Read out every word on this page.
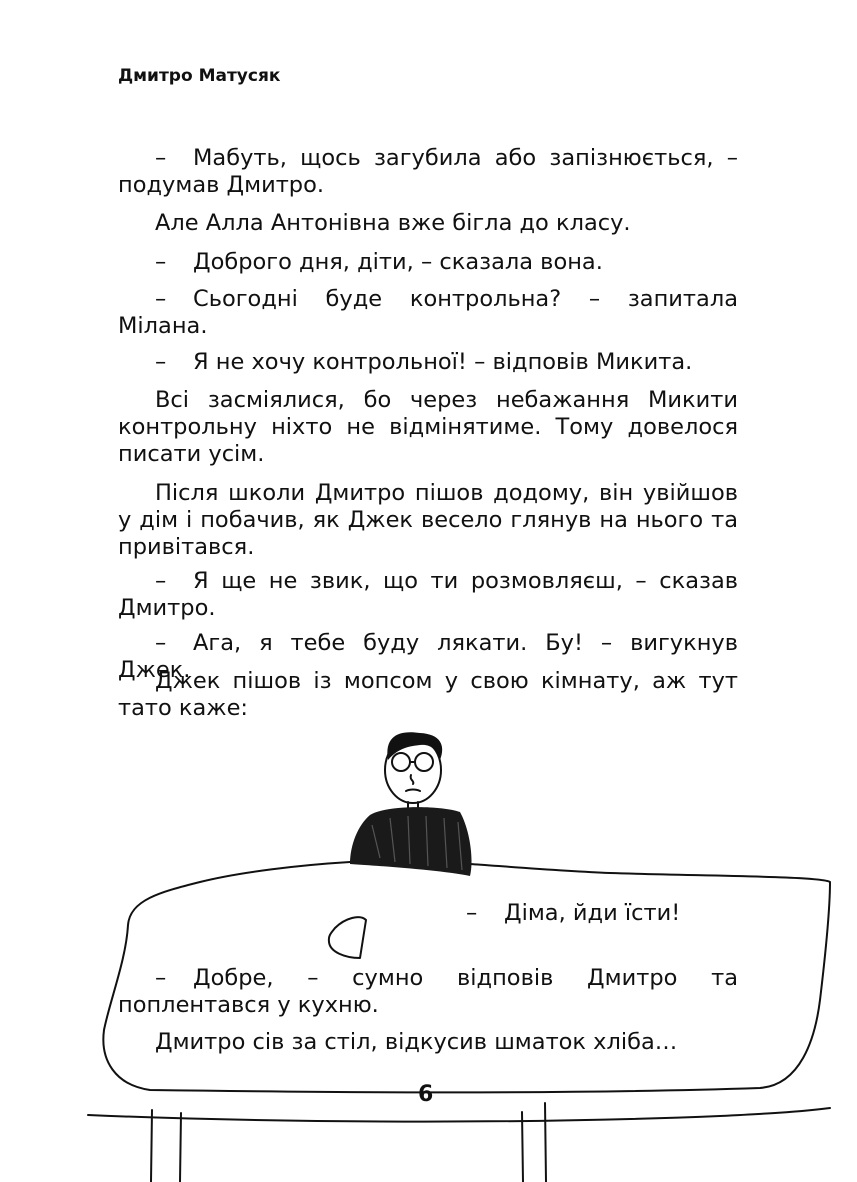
Дмитро Матусяк

– Мабуть, щось загубила або запізнюється, – подумав Дмитро.

Але Алла Антонівна вже бігла до класу.

– Доброго дня, діти, – сказала вона.

– Сьогодні буде контрольна? – запитала Мілана.

– Я не хочу контрольної! – відповів Микита.

Всі засміялися, бо через небажання Микити контрольну ніхто не відмінятиме. Тому довелося писати усім.

Після школи Дмитро пішов додому, він увійшов у дім і побачив, як Джек весело глянув на нього та привітався.

– Я ще не звик, що ти розмовляєш, – сказав Дмитро.

– Ага, я тебе буду лякати. Бу! – вигукнув Джек.

Джек пішов із мопсом у свою кімнату, аж тут тато каже:

– Діма, йди їсти!

– Добре, – сумно відповів Дмитро та поплентався у кухню.

Дмитро сів за стіл, відкусив шматок хліба…

6
